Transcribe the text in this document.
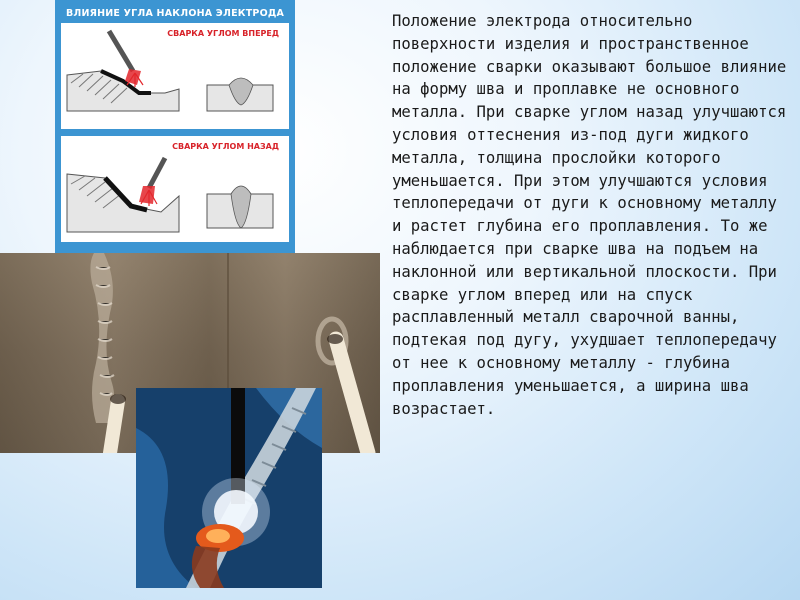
ВЛИЯНИЕ УГЛА НАКЛОНА ЭЛЕКТРОДА
СВАРКА УГЛОМ ВПЕРЕД
СВАРКА УГЛОМ НАЗАД

Положение электрода относительно поверхности изделия и пространственное положение сварки оказывают большое влияние на форму шва и проплавке не основного металла. При сварке углом назад улучшаются условия оттеснения из-под дуги жидкого металла, толщина прослойки которого уменьшается. При этом улучшаются условия теплопередачи от дуги к основному металлу и растет глубина его проплавления. То же наблюдается при сварке шва на подъем на наклонной или вертикальной плоскости. При сварке углом вперед или на спуск расплавленный металл сварочной ванны, подтекая под дугу, ухудшает теплопередачу от нее к основному металлу - глубина проплавления уменьшается, а ширина шва возрастает.
